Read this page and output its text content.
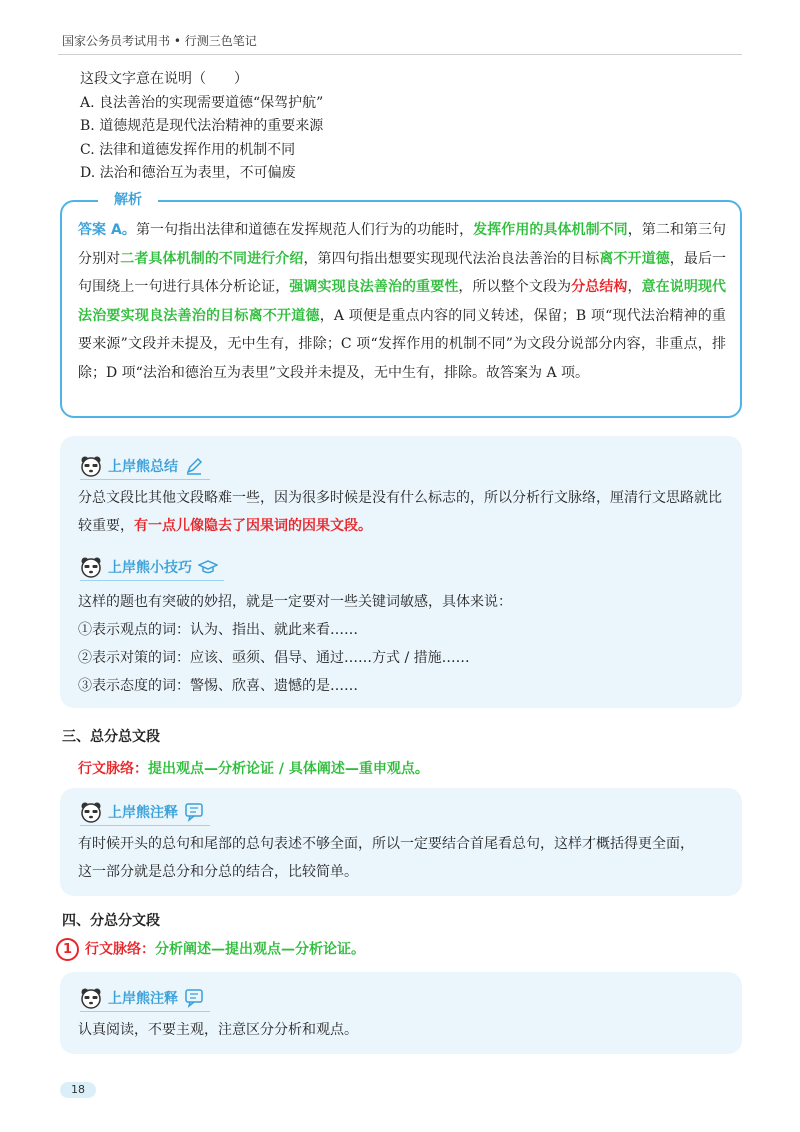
国家公务员考试用书 • 行测三色笔记
这段文字意在说明（　　）
A. 良法善治的实现需要道德“保驾护航”
B. 道德规范是现代法治精神的重要来源
C. 法律和道德发挥作用的机制不同
D. 法治和德治互为表里，不可偏废
解析
答案 A。第一句指出法律和道德在发挥规范人们行为的功能时，发挥作用的具体机制不同，第二和第三句分别对二者具体机制的不同进行介绍，第四句指出想要实现现代法治良法善治的目标离不开道德，最后一句围绕上一句进行具体分析论证，强调实现良法善治的重要性，所以整个文段为分总结构，意在说明现代法治要实现良法善治的目标离不开道德，A 项便是重点内容的同义转述，保留；B 项“现代法治精神的重要来源”文段并未提及，无中生有，排除；C 项“发挥作用的机制不同”为文段分说部分内容，非重点，排除；D 项“法治和德治互为表里”文段并未提及，无中生有，排除。故答案为 A 项。
上岸熊总结
分总文段比其他文段略难一些，因为很多时候是没有什么标志的，所以分析行文脉络，厘清行文思路就比较重要，有一点儿像隐去了因果词的因果文段。
上岸熊小技巧
这样的题也有突破的妙招，就是一定要对一些关键词敏感，具体来说：
①表示观点的词：认为、指出、就此来看……
②表示对策的词：应该、亟须、倡导、通过……方式 / 措施……
③表示态度的词：警惕、欣喜、遗憾的是……
三、总分总文段
行文脉络：提出观点—分析论证 / 具体阐述—重申观点。
上岸熊注释
有时候开头的总句和尾部的总句表述不够全面，所以一定要结合首尾看总句，这样才概括得更全面，
这一部分就是总分和分总的结合，比较简单。
四、分总分文段
1 行文脉络：分析阐述—提出观点—分析论证。
上岸熊注释
认真阅读，不要主观，注意区分分析和观点。
18
